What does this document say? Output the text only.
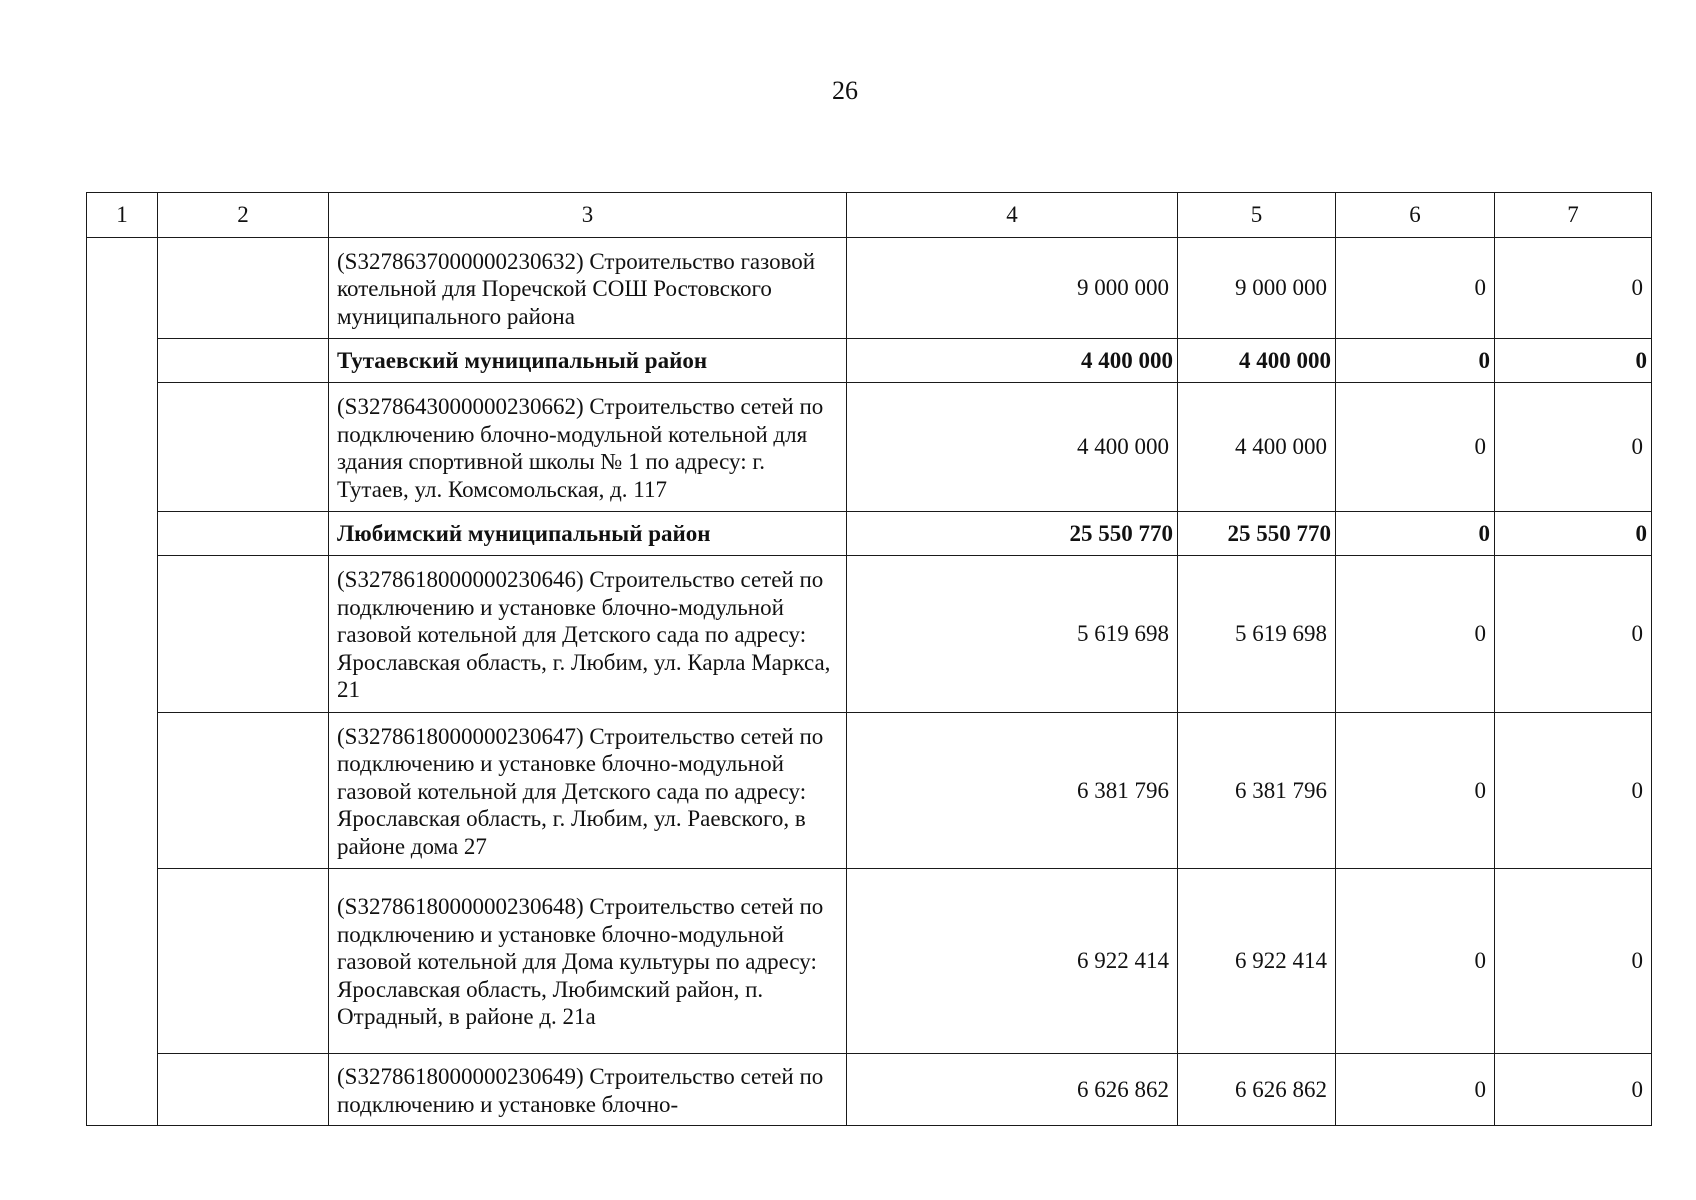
26
1	2	3	4	5	6	7
		(S3278637000000230632) Строительство газовой котельной для Поречской СОШ Ростовского муниципального района	9 000 000	9 000 000	0	0
		Тутаевский муниципальный район	4 400 000	4 400 000	0	0
		(S3278643000000230662) Строительство сетей по подключению блочно-модульной котельной для здания спортивной школы № 1 по адресу: г. Тутаев, ул. Комсомольская, д. 117	4 400 000	4 400 000	0	0
		Любимский муниципальный район	25 550 770	25 550 770	0	0
		(S3278618000000230646) Строительство сетей по подключению и установке блочно-модульной газовой котельной для Детского сада по адресу: Ярославская область, г. Любим, ул. Карла Маркса, 21	5 619 698	5 619 698	0	0
		(S3278618000000230647) Строительство сетей по подключению и установке блочно-модульной газовой котельной для Детского сада по адресу: Ярославская область, г. Любим, ул. Раевского, в районе дома 27	6 381 796	6 381 796	0	0
		(S3278618000000230648) Строительство сетей по подключению и установке блочно-модульной газовой котельной для Дома культуры по адресу: Ярославская область, Любимский район, п. Отрадный, в районе д. 21а	6 922 414	6 922 414	0	0
		(S3278618000000230649) Строительство сетей по подключению и установке блочно-	6 626 862	6 626 862	0	0
